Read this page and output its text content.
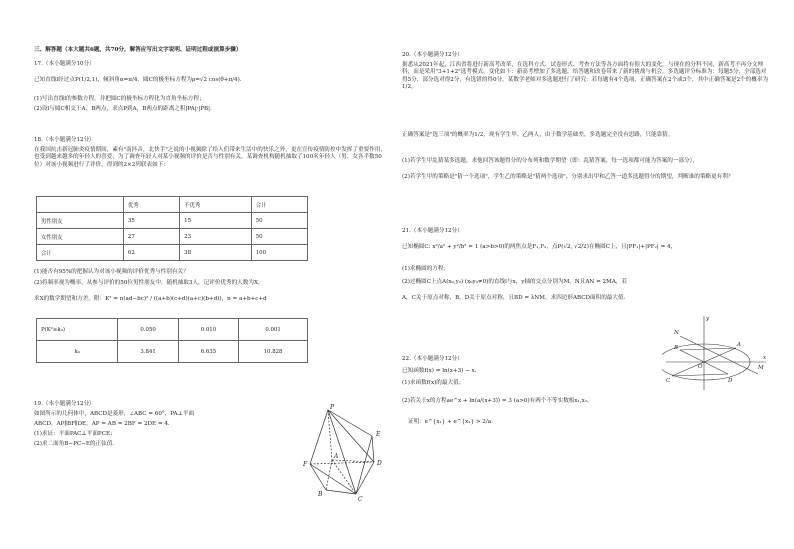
三、解答题（本大题共6题，共70分，解答应写出文字说明、证明过程或演算步骤）
17.（本小题满分10分）
已知直线l经过点P(1/2,1)，倾斜角α=π/4，圆C的极坐标方程为ρ=√2 cos(θ+π/4).
(1)写出直线l的参数方程，并把圆C的极坐标方程化为直角坐标方程；
(2)设l与圆C相交于A，B两点，求点P到A，B两点的距离之积|PA|·|PB|.
18.（本小题满分12分）
在我国抗击新冠肺炎疫情期间，素有"南抖音，北快手"之说的小视频除了给人们带来生活中的快乐之外，更在宣传疫情防控中发挥了重要作用，也受到越来越多的年轻人的喜爱，为了调查年轻人对某小视频的评价是否与性别有关，某调查机构随机抽取了100名年轻人（男、女各半数50位）对该小视频进行了评价，得到的2×2列联表如下：
	优秀	不优秀	合计
男性朋友	35	15	50
女性朋友	27	23	50
合计	62	38	100
(1)能否有95%的把握认为对该小视频的评价优秀与性别有关？
(2)将频率视为概率，从参与评价的50位男性朋友中，随机抽取3人，记评价优秀的人数为X，
求X的数学期望和方差。附：K² = n(ad−bc)² / ((a+b)(c+d)(a+c)(b+d))，n = a+b+c+d
P(K²≥k₀)	0.050	0.010	0.001
k₀	3.841	6.635	10.828
19.（本小题满分12分）
如图所示的几何体中，ABCD是菱形，∠ABC = 60°，PA⊥平面
ABCD，AP∥BF∥DE，AP = AB = 2BF = 2DE = 4.
(1)求证：平面PAC⊥平面PCE；
(2)求二面角B−PC−E的正弦值.
P
E
F
A
D
B
C
20.（本小题满分12分）
据悉从2021年起，江西省将进行新高考改革，在选科方式、试卷形式、考查方法等各方面将有很大的变化。与现在的分科不同，新高考不再分文理科，而是采用"3+1+2"选考模式，变化如下：新高考增加了多选题，给答题和改卷带来了新的挑战与机会。多选题评分标准为：每题5分，全部选对得5分，部分选对得2分，有选错的得0分。某数学老师对多选题进行了研究：若每题有4个选项，正确答案在2个或3个，其中正确答案是2个的概率为1/2，
正确答案是"选三项"的概率为1/2，现有学生甲、乙两人，由于数学基础差，多选题完全没有思路，只能靠猜。
(1)若学生甲乱猜某多选题，求他回答该题得分的分布列和数学期望（即：乱猜答案，每一选项都可能为答案的一部分），
(2)若学生甲的策略是"猜一个选项"，学生乙的策略是"猜两个选项"，分别求出甲和乙答一道多选题得分的期望，判断谁的策略更有利？
21.（本小题满分12分）
已知椭圆C: x²/a² + y²/b² = 1 (a>b>0)的两焦点是F₁,F₂，点P(√2, √2/2)在椭圆C上，且|PF₁|+|PF₂| = 4，
(1)求椭圆的方程；
(2)过椭圆C上点A(x₀,y₀) (x₀y₀≠0)的直线l与x，y轴的交点分别为M，N且AN = 2MA，若
A，C关于原点对称，B，D关于原点对称，且BD = λNM，求四边形ABCD面积的最大值.
N
A
B
O	M
x
C	D
y
22.（本小题满分12分）
已知函数f(x) = ln(x+3) − x.
(1)求函数f(x)的最大值；
(2)若关于x的方程ae^x + ln(a/(x+3)) = 3 (a>0)有两个不等实数根x₁,x₂，
证明：e^{x₁} + e^{x₂} > 2/a.
